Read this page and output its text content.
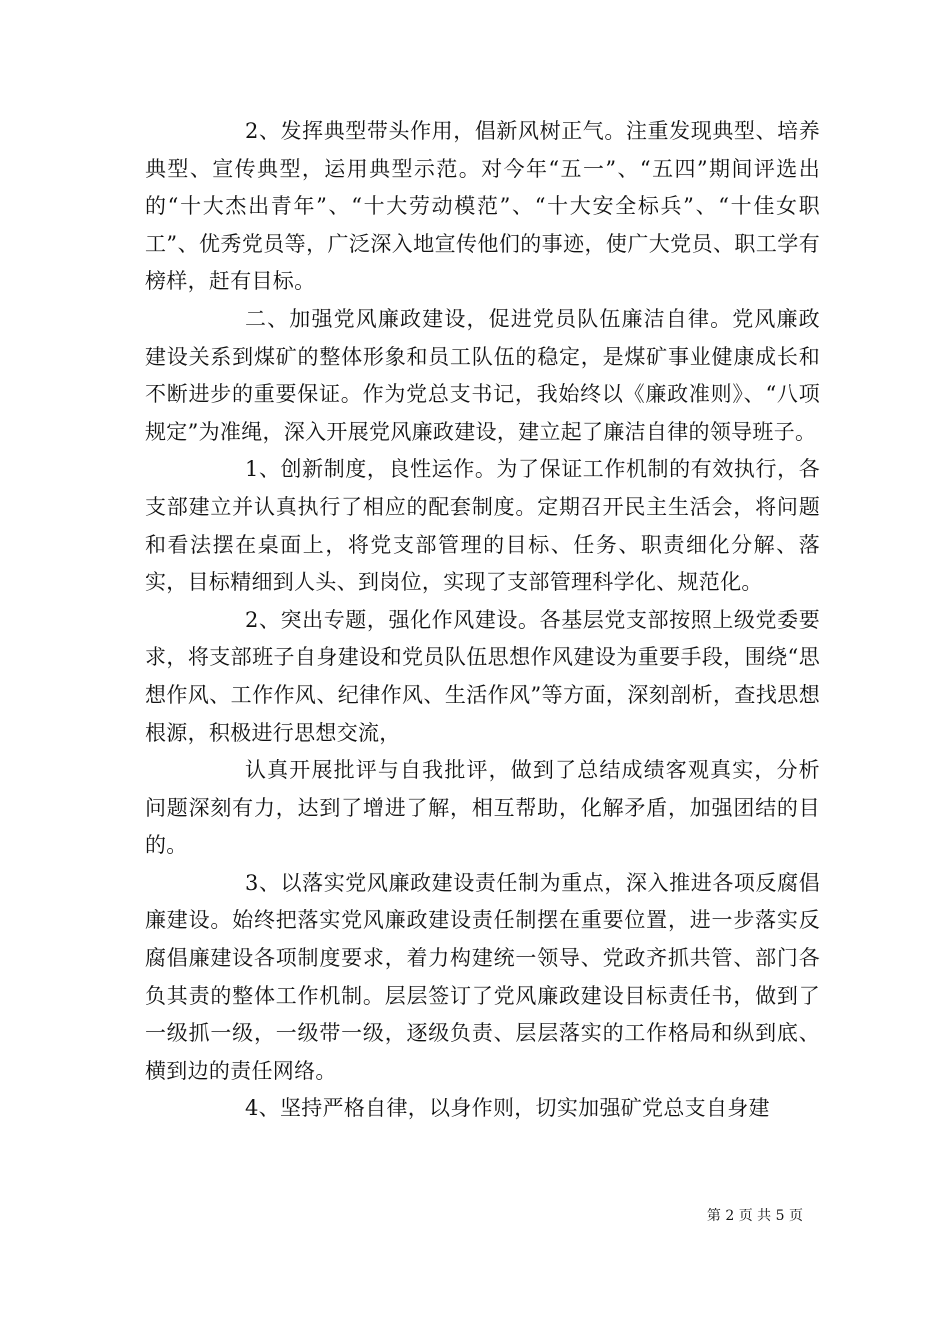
2、发挥典型带头作用，倡新风树正气。注重发现典型、培养典型、宣传典型，运用典型示范。对今年“五一”、“五四”期间评选出的“十大杰出青年”、“十大劳动模范”、“十大安全标兵”、“十佳女职工”、优秀党员等，广泛深入地宣传他们的事迹，使广大党员、职工学有榜样，赶有目标。

二、加强党风廉政建设，促进党员队伍廉洁自律。党风廉政建设关系到煤矿的整体形象和员工队伍的稳定，是煤矿事业健康成长和不断进步的重要保证。作为党总支书记，我始终以《廉政准则》、“八项规定”为准绳，深入开展党风廉政建设，建立起了廉洁自律的领导班子。

1、创新制度，良性运作。为了保证工作机制的有效执行，各支部建立并认真执行了相应的配套制度。定期召开民主生活会，将问题和看法摆在桌面上，将党支部管理的目标、任务、职责细化分解、落实，目标精细到人头、到岗位，实现了支部管理科学化、规范化。

2、突出专题，强化作风建设。各基层党支部按照上级党委要求，将支部班子自身建设和党员队伍思想作风建设为重要手段，围绕“思想作风、工作作风、纪律作风、生活作风”等方面，深刻剖析，查找思想根源，积极进行思想交流，

认真开展批评与自我批评，做到了总结成绩客观真实，分析问题深刻有力，达到了增进了解，相互帮助，化解矛盾，加强团结的目的。

3、以落实党风廉政建设责任制为重点，深入推进各项反腐倡廉建设。始终把落实党风廉政建设责任制摆在重要位置，进一步落实反腐倡廉建设各项制度要求，着力构建统一领导、党政齐抓共管、部门各负其责的整体工作机制。层层签订了党风廉政建设目标责任书，做到了一级抓一级，一级带一级，逐级负责、层层落实的工作格局和纵到底、横到边的责任网络。

4、坚持严格自律，以身作则，切实加强矿党总支自身建

第 2 页 共 5 页
